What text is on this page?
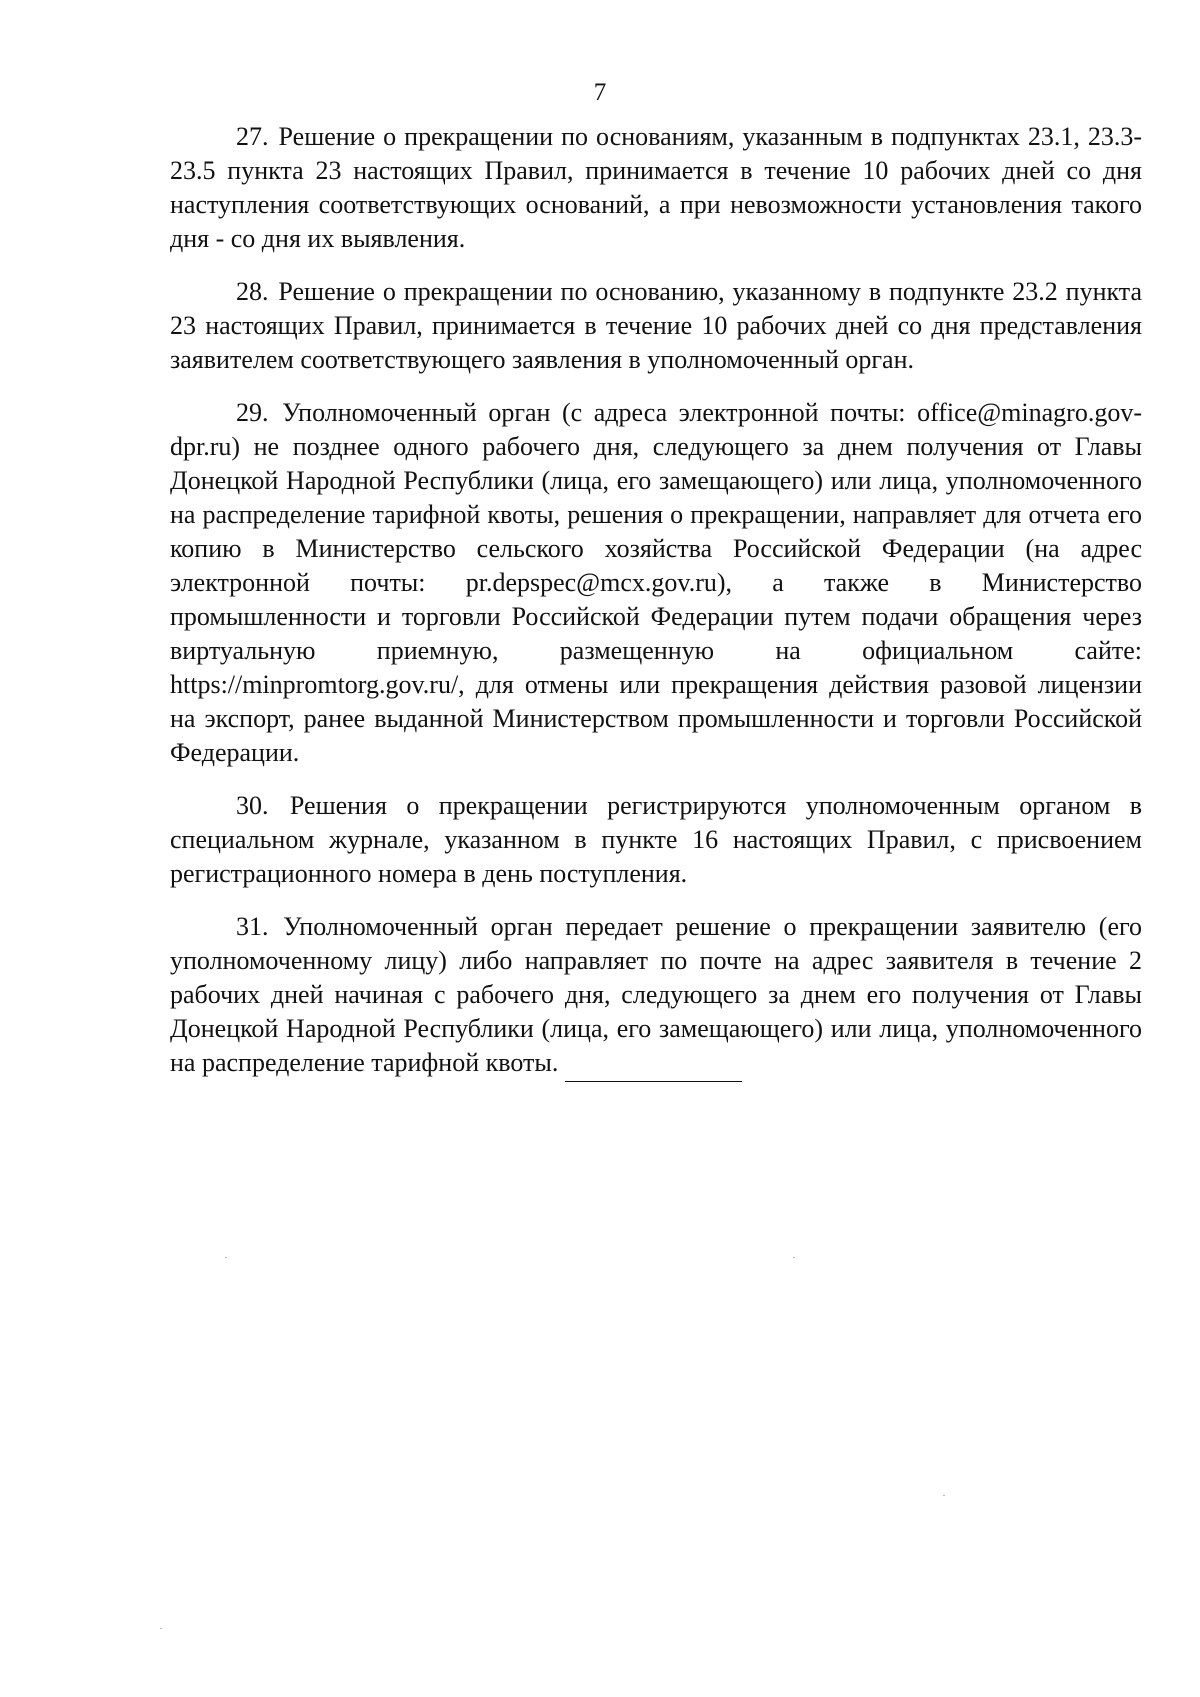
7

27. Решение о прекращении по основаниям, указанным в подпунктах 23.1, 23.3-23.5 пункта 23 настоящих Правил, принимается в течение 10 рабочих дней со дня наступления соответствующих оснований, а при невозможности установления такого дня - со дня их выявления.

28. Решение о прекращении по основанию, указанному в подпункте 23.2 пункта 23 настоящих Правил, принимается в течение 10 рабочих дней со дня представления заявителем соответствующего заявления в уполномоченный орган.

29. Уполномоченный орган (с адреса электронной почты: office@minagro.gov-dpr.ru) не позднее одного рабочего дня, следующего за днем получения от Главы Донецкой Народной Республики (лица, его замещающего) или лица, уполномоченного на распределение тарифной квоты, решения о прекращении, направляет для отчета его копию в Министерство сельского хозяйства Российской Федерации (на адрес электронной почты: pr.depspec@mcx.gov.ru), а также в Министерство промышленности и торговли Российской Федерации путем подачи обращения через виртуальную приемную, размещенную на официальном сайте: https://minpromtorg.gov.ru/, для отмены или прекращения действия разовой лицензии на экспорт, ранее выданной Министерством промышленности и торговли Российской Федерации.

30. Решения о прекращении регистрируются уполномоченным органом в специальном журнале, указанном в пункте 16 настоящих Правил, с присвоением регистрационного номера в день поступления.

31. Уполномоченный орган передает решение о прекращении заявителю (его уполномоченному лицу) либо направляет по почте на адрес заявителя в течение 2 рабочих дней начиная с рабочего дня, следующего за днем его получения от Главы Донецкой Народной Республики (лица, его замещающего) или лица, уполномоченного на распределение тарифной квоты.
